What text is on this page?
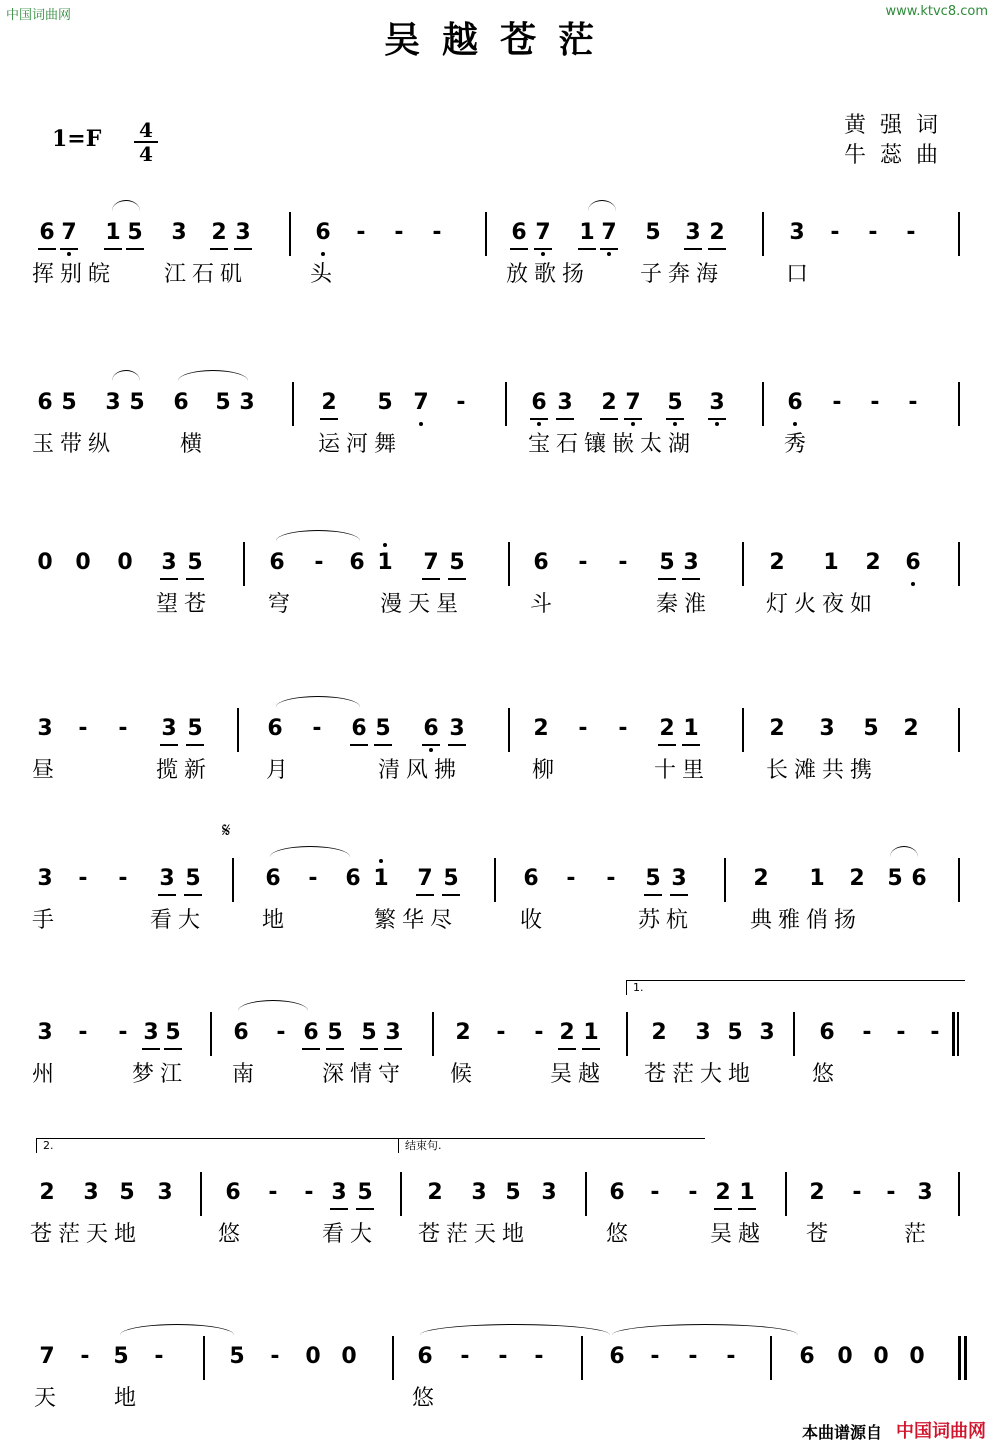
中国词曲网	www.ktvc8.com
吴越苍茫
1=F 4
4
黄强词
牛蕊曲
6 7 1 5 3 2 3	6 - - -	6 7 1 7 5 3 2	3 - - -
挥别皖 江石矶	头	放歌扬 子奔海	口
6 5 3 5 6 5 3	2 5 7 -	6 3 2 7 5 3	6 - - -
玉带纵	横	运河舞	宝石镶嵌太湖	秀
0 0 0 3 5	6 - 6 1 7 5	6 - - 5 3	2 1 2 6
望苍	穹	漫天星	斗	秦淮 灯火夜如
3 - - 3 5	6 - 6 5 6 3	2 - - 2 1	2 3 5 2
昼	揽新 月	清风拂	柳	十里	长滩共携
3 - - 3 5	6 - 6 1 7 5	6 - - 5 3	2 1 2 5 6
手	看大	地	繁华尽	收	苏杭	典雅俏扬
3 - - 3 5 6 - 6 5 5 3 2 - - 2 1 2 3 5 3 6 - - -
州	梦江 南	深情守 候	吴越 苍茫大地	悠
2 3 5 3 6 - - 3 5 2 3 5 3 6 - - 2 1 2 - - 3
苍茫天地	悠	看大 苍茫天地	悠	吴越 苍	茫
7 - 5 -	5 - 0 0	6 - - -	6 - - -	6 0 0 0
天 地	悠
1.
2.	结束句.
𝄋
本曲谱源自 中国词曲网
